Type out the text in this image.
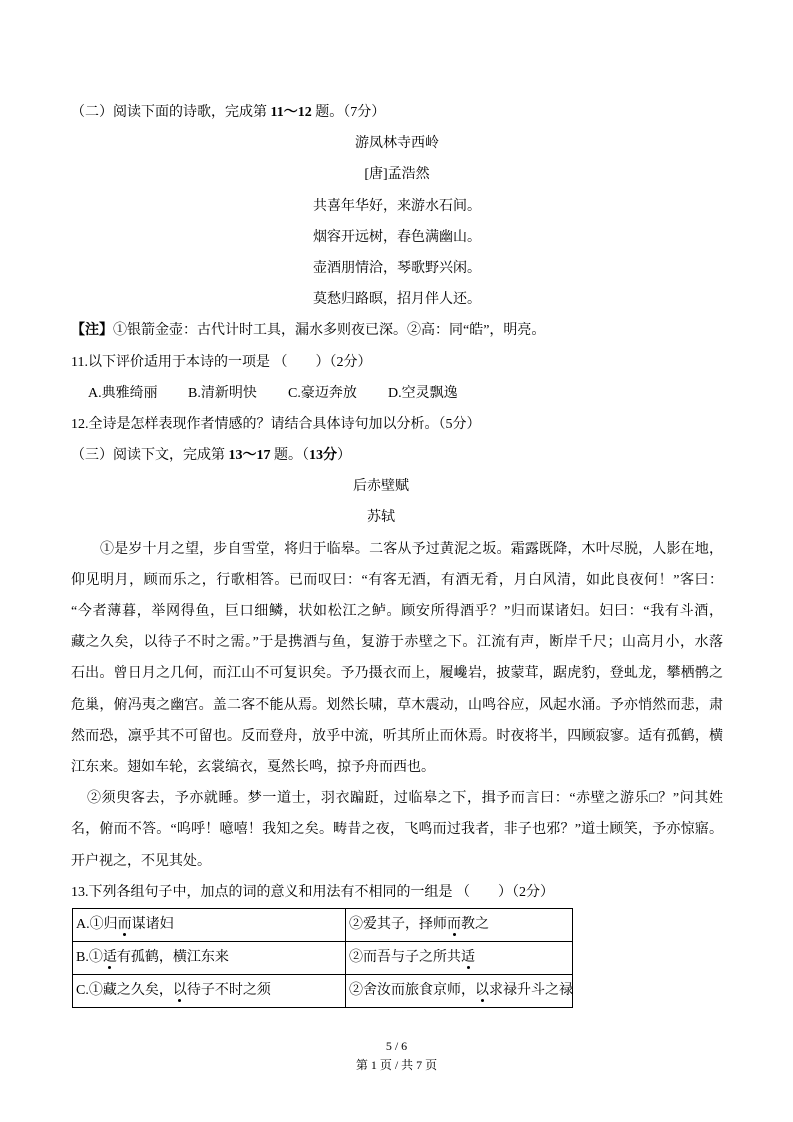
（二）阅读下面的诗歌，完成第 11～12 题。（7分）
游凤林寺西岭
[唐]孟浩然
共喜年华好，来游水石间。
烟容开远树，春色满幽山。
壶酒朋情洽，琴歌野兴闲。
莫愁归路暝，招月伴人还。
【注】①银箭金壶：古代计时工具，漏水多则夜已深。②高：同“皓”，明亮。
11.以下评价适用于本诗的一项是 （　　）（2分）
A.典雅绮丽 B.清新明快 C.豪迈奔放 D.空灵飘逸
12.全诗是怎样表现作者情感的？请结合具体诗句加以分析。（5分）
（三）阅读下文，完成第 13～17 题。（13分）
后赤壁赋
苏轼
①是岁十月之望，步自雪堂，将归于临皋。二客从予过黄泥之坂。霜露既降，木叶尽脱，人影在地，
仰见明月，顾而乐之，行歌相答。已而叹曰：“有客无酒，有酒无肴，月白风清，如此良夜何！”客曰：
“今者薄暮，举网得鱼，巨口细鳞，状如松江之鲈。顾安所得酒乎？”归而谋诸妇。妇曰：“我有斗酒，
藏之久矣，以待子不时之需。”于是携酒与鱼，复游于赤壁之下。江流有声，断岸千尺；山高月小，水落
石出。曾日月之几何，而江山不可复识矣。予乃摄衣而上，履巉岩，披蒙茸，踞虎豹，登虬龙，攀栖鹘之
危巢，俯冯夷之幽宫。盖二客不能从焉。划然长啸，草木震动，山鸣谷应，风起水涌。予亦悄然而悲，肃
然而恐，凛乎其不可留也。反而登舟，放乎中流，听其所止而休焉。时夜将半，四顾寂寥。适有孤鹤，横
江东来。翅如车轮，玄裳缟衣，戛然长鸣，掠予舟而西也。
②须臾客去，予亦就睡。梦一道士，羽衣蹁跹，过临皋之下，揖予而言曰：“赤壁之游乐□？”问其姓
名，俯而不答。“呜呼！噫嘻！我知之矣。畴昔之夜，飞鸣而过我者，非子也邪？”道士顾笑，予亦惊寤。
开户视之，不见其处。
13.下列各组句子中，加点的词的意义和用法有不相同的一组是 （　　）（2分）
A.①归而谋诸妇	②爱其子，择师而教之
B.①适有孤鹤，横江东来	②而吾与子之所共适
C.①藏之久矣，以待子不时之须	②舍汝而旅食京师，以求禄升斗之禄
5 / 6
第 1 页 / 共 7 页
